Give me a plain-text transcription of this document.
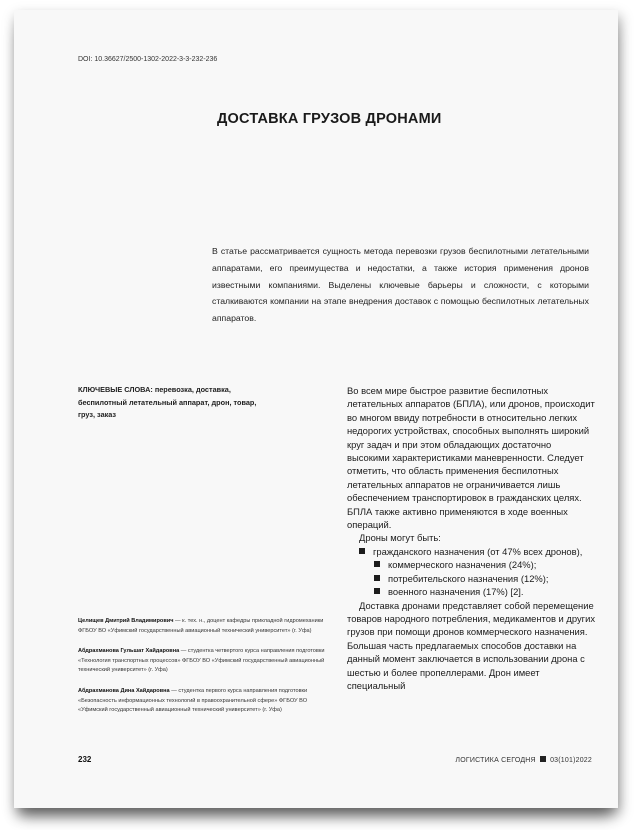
DOI: 10.36627/2500-1302-2022-3-3-232-236
ДОСТАВКА ГРУЗОВ ДРОНАМИ
В статье рассматривается сущность метода перевозки грузов беспилотными летательными аппаратами, его преимущества и недостатки, а также история применения дронов известными компаниями. Выделены ключевые барьеры и сложности, с которыми сталкиваются компании на этапе внедрения доставок с помощью беспилотных летательных аппаратов.
КЛЮЧЕВЫЕ СЛОВА: перевозка, доставка, беспилотный летательный аппарат, дрон, товар, груз, заказ

Целищев Дмитрий Владимирович — к. тех. н., доцент кафедры прикладной гидромеханики ФГБОУ ВО «Уфимский государственный авиационный технический университет» (г. Уфа)

Абдрахманова Гульшат Хайдаровна — студентка четвертого курса направления подготовки «Технология транспортных процессов» ФГБОУ ВО «Уфимский государственный авиационный технический университет» (г. Уфа)

Абдрахманова Дина Хайдаровна — студентка первого курса направления подготовки «Безопасность информационных технологий в правоохранительной сфере» ФГБОУ ВО «Уфимский государственный авиационный технический университет» (г. Уфа)

Во всем мире быстрое развитие беспилотных летательных аппаратов (БПЛА), или дронов, происходит во многом ввиду потребности в относительно легких недорогих устройствах, способных выполнять широкий круг задач и при этом обладающих достаточно высокими характеристиками маневренности. Следует отметить, что область применения беспилотных летательных аппаратов не ограничивается лишь обеспечением транспортировок в гражданских целях. БПЛА также активно применяются в ходе военных операций.

Дроны могут быть:

гражданского назначения (от 47% всех дронов),
коммерческого назначения (24%);
потребительского назначения (12%);
военного назначения (17%) [2].

Доставка дронами представляет собой перемещение товаров народного потребления, медикаментов и других грузов при помощи дронов коммерческого назначения. Большая часть предлагаемых способов доставки на данный момент заключается в использовании дрона с шестью и более пропеллерами. Дрон имеет специальный

232	ЛОГИСТИКА СЕГОДНЯ 03(101)2022
